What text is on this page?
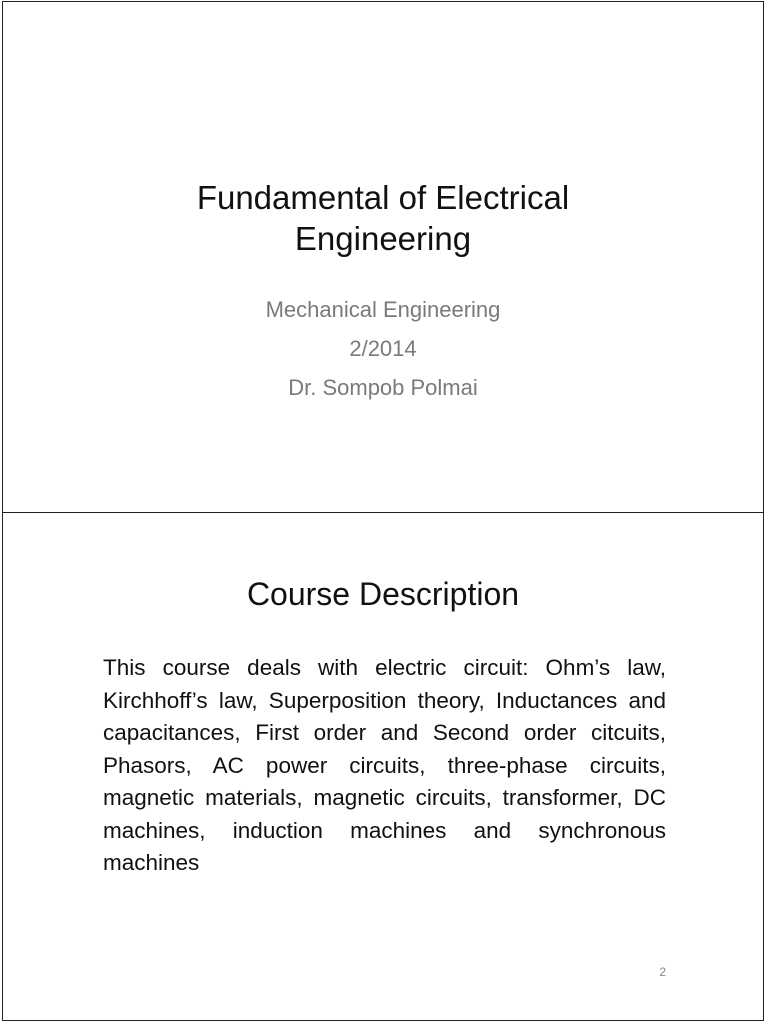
Fundamental of Electrical
Engineering
Mechanical Engineering
2/2014
Dr. Sompob Polmai
Course Description
This course deals with electric circuit: Ohm’s law, Kirchhoff’s law, Superposition theory, Inductances and capacitances, First order and Second order citcuits, Phasors, AC power circuits, three-phase circuits, magnetic materials, magnetic circuits, transformer, DC machines, induction machines and synchronous machines
2
